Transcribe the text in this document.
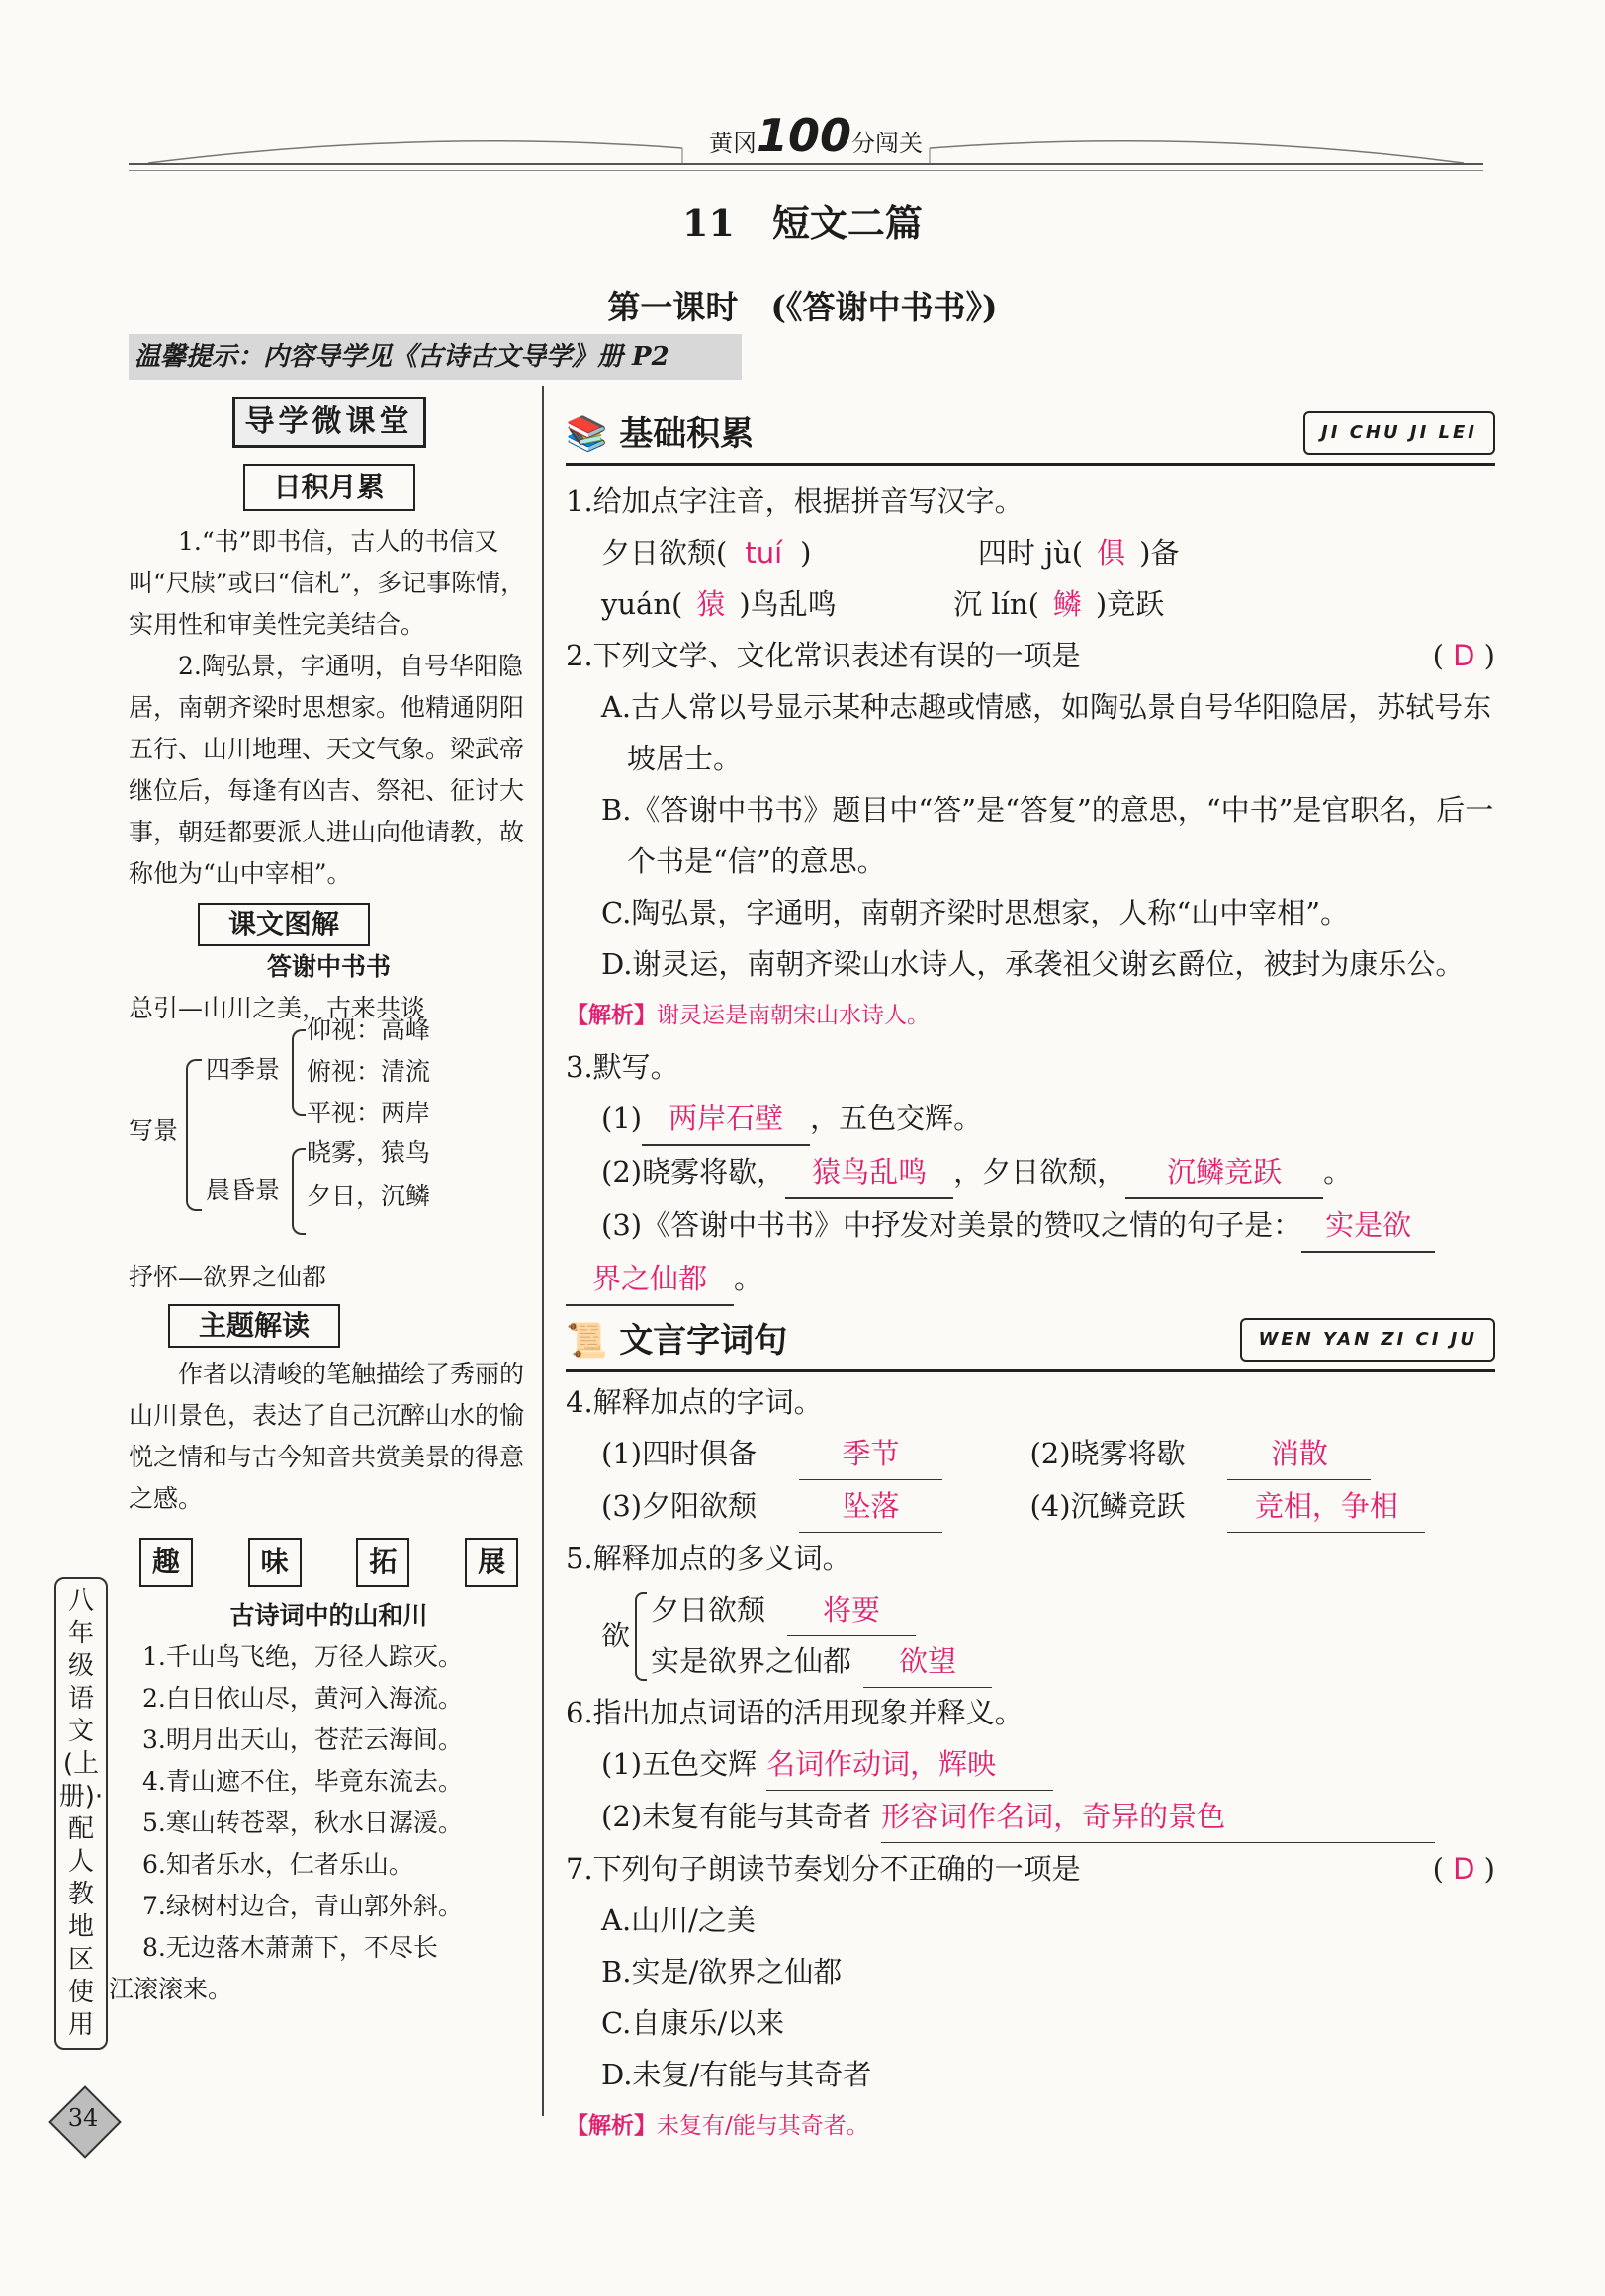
黄冈100分闯关
11　短文二篇
第一课时　(《答谢中书书》)
温馨提示：内容导学见《古诗古文导学》册 P2
导学微课堂
日积月累
1.“书”即书信，古人的书信又叫“尺牍”或曰“信札”，多记事陈情，实用性和审美性完美结合。
2.陶弘景，字通明，自号华阳隐居，南朝齐梁时思想家。他精通阴阳五行、山川地理、天文气象。梁武帝继位后，每逢有凶吉、祭祀、征讨大事，朝廷都要派人进山向他请教，故称他为“山中宰相”。
课文图解
答谢中书书
总引—山川之美，古来共谈
写景
四季景
仰视：高峰
俯视：清流
平视：两岸
晨昏景
晓雾，猿鸟
夕日，沉鳞
抒怀—欲界之仙都
主题解读
作者以清峻的笔触描绘了秀丽的山川景色，表达了自己沉醉山水的愉悦之情和与古今知音共赏美景的得意之感。
趣	味	拓	展
古诗词中的山和川
1.千山鸟飞绝，万径人踪灭。
2.白日依山尽，黄河入海流。
3.明月出天山，苍茫云海间。
4.青山遮不住，毕竟东流去。
5.寒山转苍翠，秋水日潺湲。
6.知者乐水，仁者乐山。
7.绿树村边合，青山郭外斜。
8.无边落木萧萧下，不尽长
江滚滚来。
八年级语文(上册)·配人教地区使用
34
📚 基础积累	JI CHU JI LEI
1.给加点字注音，根据拼音写汉字。
夕日欲颓( tuí )	四时 jù( 俱 )备
yuán( 猿 )鸟乱鸣	沉 lín( 鳞 )竞跃
2.下列文学、文化常识表述有误的一项是	( D )
A.古人常以号显示某种志趣或情感，如陶弘景自号华阳隐居，苏轼号东坡居士。
B.《答谢中书书》题目中“答”是“答复”的意思，“中书”是官职名，后一个书是“信”的意思。
C.陶弘景，字通明，南朝齐梁时思想家，人称“山中宰相”。
D.谢灵运，南朝齐梁山水诗人，承袭祖父谢玄爵位，被封为康乐公。
【解析】谢灵运是南朝宋山水诗人。
3.默写。
(1) 两岸石壁 ，五色交辉。
(2)晓雾将歇， 猿鸟乱鸣 ，夕日欲颓， 沉鳞竞跃 。
(3)《答谢中书书》中抒发对美景的赞叹之情的句子是： 实是欲
界之仙都 。
📜 文言字词句	WEN YAN ZI CI JU
4.解释加点的字词。
(1)四时俱备	季节	(2)晓雾将歇	消散
(3)夕阳欲颓	坠落	(4)沉鳞竞跃 竞相，争相
5.解释加点的多义词。
欲
夕日欲颓 将要
实是欲界之仙都 欲望
6.指出加点词语的活用现象并释义。
(1)五色交辉 名词作动词，辉映
(2)未复有能与其奇者 形容词作名词，奇异的景色
7.下列句子朗读节奏划分不正确的一项是	( D )
A.山川/之美
B.实是/欲界之仙都
C.自康乐/以来
D.未复/有能与其奇者
【解析】未复有/能与其奇者。
